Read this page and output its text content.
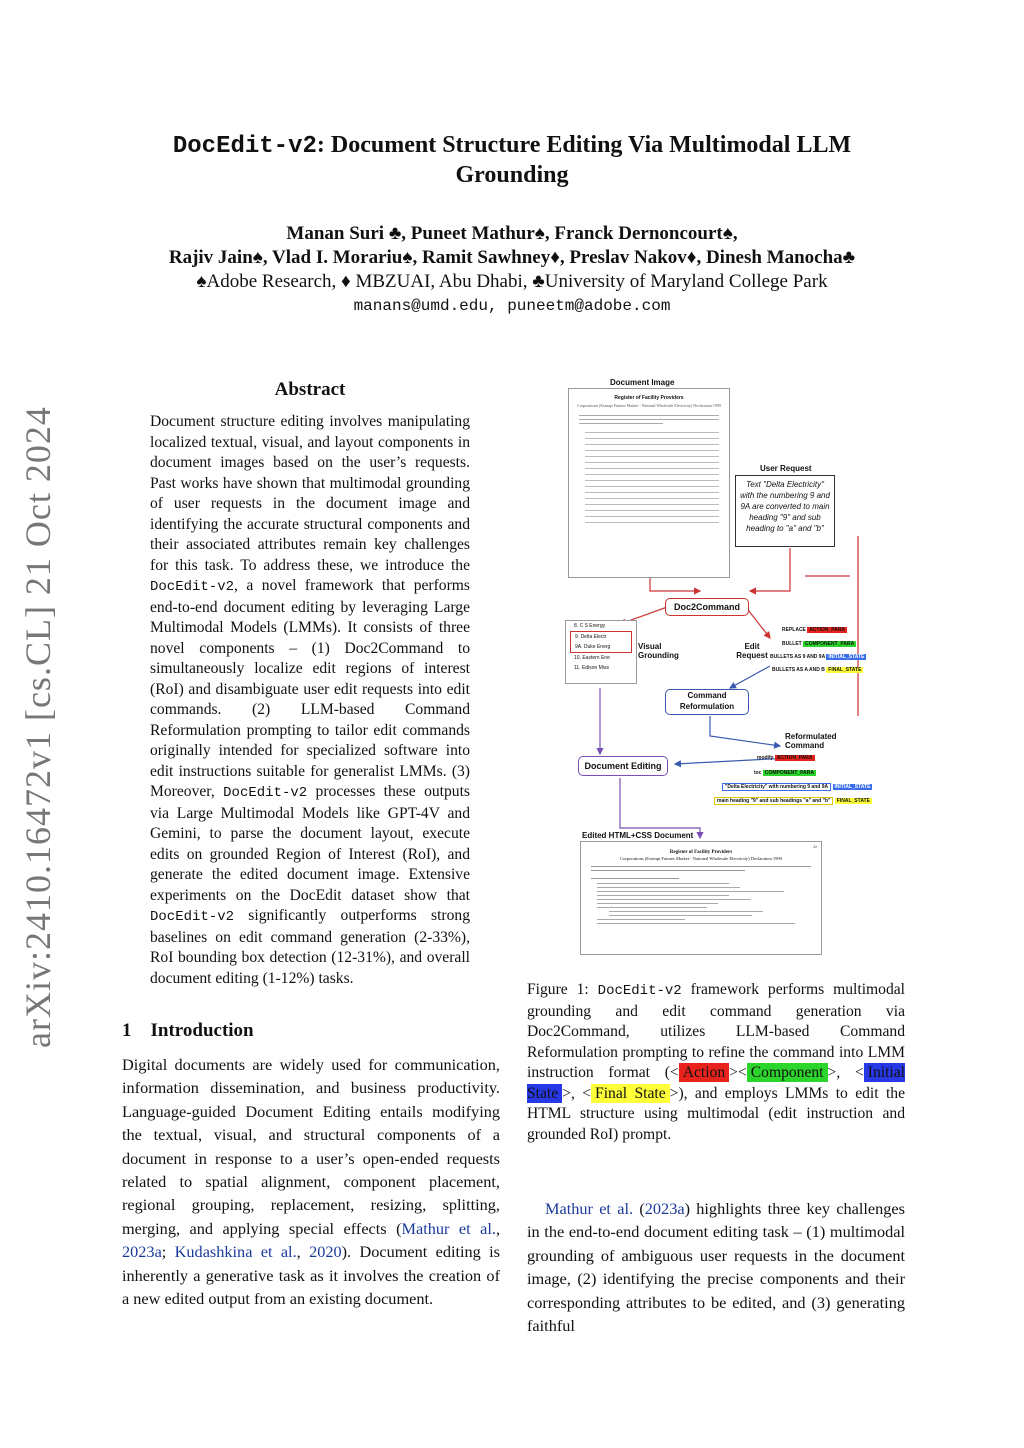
arXiv:2410.16472v1 [cs.CL] 21 Oct 2024
DocEdit-v2: Document Structure Editing Via Multimodal LLM
Grounding
Manan Suri ♣, Puneet Mathur♠, Franck Dernoncourt♠,
Rajiv Jain♠, Vlad I. Morariu♠, Ramit Sawhney♦, Preslav Nakov♦, Dinesh Manocha♣
♠Adobe Research, ♦ MBZUAI, Abu Dhabi, ♣University of Maryland College Park
manans@umd.edu, puneetm@adobe.com
Abstract
Document structure editing involves manipulating localized textual, visual, and layout components in document images based on the user’s requests. Past works have shown that multimodal grounding of user requests in the document image and identifying the accurate structural components and their associated attributes remain key challenges for this task. To address these, we introduce the DocEdit-v2, a novel framework that performs end-to-end document editing by leveraging Large Multimodal Models (LMMs). It consists of three novel components – (1) Doc2Command to simultaneously localize edit regions of interest (RoI) and disambiguate user edit requests into edit commands. (2) LLM-based Command Reformulation prompting to tailor edit commands originally intended for specialized software into edit instructions suitable for generalist LMMs. (3) Moreover, DocEdit-v2 processes these outputs via Large Multimodal Models like GPT-4V and Gemini, to parse the document layout, execute edits on grounded Region of Interest (RoI), and generate the edited document image. Extensive experiments on the DocEdit dataset show that DocEdit-v2 significantly outperforms strong baselines on edit command generation (2-33%), RoI bounding box detection (12-31%), and overall document editing (1-12%) tasks.
1    Introduction
Digital documents are widely used for communication, information dissemination, and business productivity. Language-guided Document Editing entails modifying the textual, visual, and structural components of a document in response to a user’s open-ended requests related to spatial alignment, component placement, regional grouping, replacement, resizing, splitting, merging, and applying special effects (Mathur et al., 2023a; Kudashkina et al., 2020). Document editing is inherently a generative task as it involves the creation of a new edited output from an existing document.
Document Image
Register of Facility Providers
Corporations (Exempt Futures Market - National Wholesale Electricity) Declaration 1999
User Request
Text "Delta Electricity" with the numbering 9 and 9A are converted to main heading "9" and sub heading to "a" and "b"
Doc2Command
8. C S Energy
9. Delta Electr
9A. Duke Energ
10. Eastern Ene
11. Edison Miss
Visual Grounding
Edit Request
REPLACE ACTION_PARA
BULLET COMPONENT_PARA
BULLETS AS 9 AND 9A INITIAL_STATE
BULLETS AS A AND B FINAL_STATE
Command Reformulation
Reformulated Command
modify ACTION_PARA
toc COMPONENT_PARA
"Delta Electricity" with numbering 9 and 9A INITIAL_STATE
main heading "9" and sub headings "a" and "b" FINAL_STATE
Document Editing
Edited HTML+CSS Document
42
Register of Facility Providers
Corporations (Exempt Futures Market - National Wholesale Electricity) Declaration 1999
Figure 1: DocEdit-v2 framework performs multimodal grounding and edit command generation via Doc2Command, utilizes LLM-based Command Reformulation prompting to refine the command into LMM instruction format (< Action >< Component >, < Initial State >, < Final State >), and employs LMMs to edit the HTML structure using multimodal (edit instruction and grounded RoI) prompt.
Mathur et al. (2023a) highlights three key challenges in the end-to-end document editing task – (1) multimodal grounding of ambiguous user requests in the document image, (2) identifying the precise components and their corresponding attributes to be edited, and (3) generating faithful
